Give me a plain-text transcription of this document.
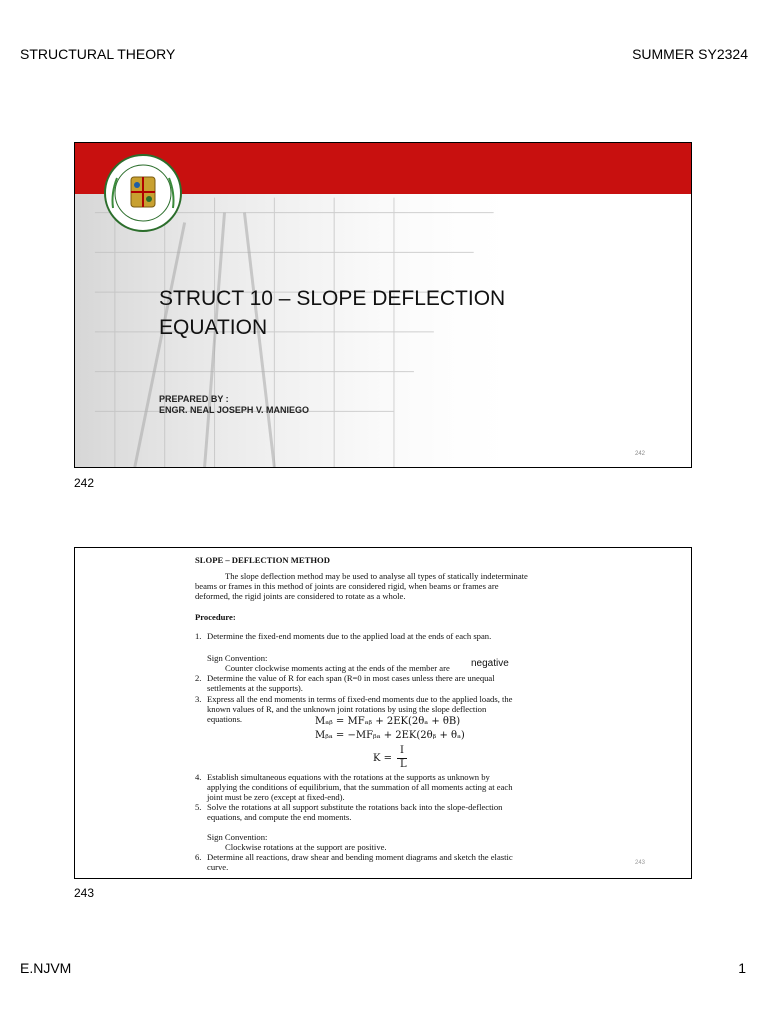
STRUCTURAL THEORY	SUMMER SY2324
STRUCT 10 – SLOPE DEFLECTION
EQUATION
PREPARED BY :
ENGR. NEAL JOSEPH V. MANIEGO
242
242
SLOPE – DEFLECTION METHOD
The slope deflection method may be used to analyse all types of statically indeterminate
beams or frames in this method of joints are considered rigid, when beams or frames are
deformed, the rigid joints are considered to rotate as a whole.
Procedure:
1. Determine the fixed-end moments due to the applied load at the ends of each span.
Sign Convention:
Counter clockwise moments acting at the ends of the member are negative
2. Determine the value of R for each span (R=0 in most cases unless there are unequal
settlements at the supports).
3. Express all the end moments in terms of fixed-end moments due to the applied loads, the
known values of R, and the unknown joint rotations by using the slope deflection
equations.	Mₐᵦ = MFₐᵦ + 2EK(2θₐ + θB)
Mᵦₐ = −MFᵦₐ + 2EK(2θᵦ + θₐ)
K =
I
L
4. Establish simultaneous equations with the rotations at the supports as unknown by
applying the conditions of equilibrium, that the summation of all moments acting at each
joint must be zero (except at fixed-end).
5. Solve the rotations at all support substitute the rotations back into the slope-deflection
equations, and compute the end moments.
Sign Convention:
Clockwise rotations at the support are positive.
6. Determine all reactions, draw shear and bending moment diagrams and sketch the elastic
curve.	243
243
E.NJVM	1
